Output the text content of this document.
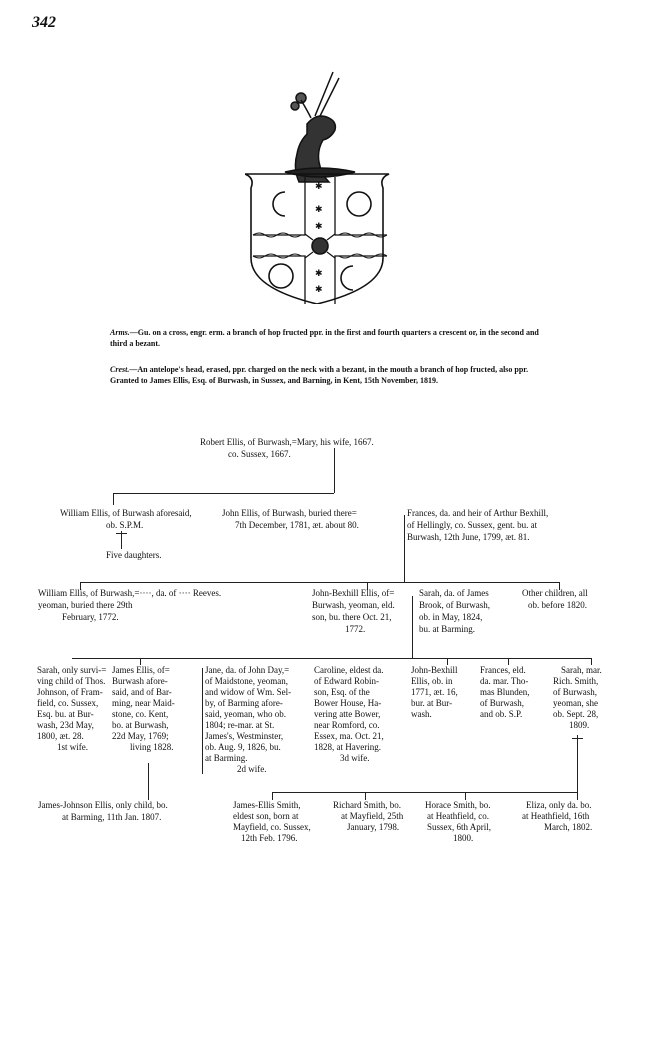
342
✱
✱
✱
✱
✱
Arms.—Gu. on a cross, engr. erm. a branch of hop fructed ppr. in the first and fourth quarters a crescent or, in the second and third a bezant.
Crest.—An antelope's head, erased, ppr. charged on the neck with a bezant, in the mouth a branch of hop fructed, also ppr. Granted to James Ellis, Esq. of Burwash, in Sussex, and Barning, in Kent, 15th November, 1819.
Robert Ellis, of Burwash,=Mary, his wife, 1667.
co. Sussex, 1667.
William Ellis, of Burwash aforesaid,
ob. S.P.M.
Five daughters.
John Ellis, of Burwash, buried there=
7th December, 1781, æt. about 80.
Frances, da. and heir of Arthur Bexhill,
of Hellingly, co. Sussex, gent. bu. at
Burwash, 12th June, 1799, æt. 81.
William Ellis, of Burwash,=····, da. of ···· Reeves.
yeoman, buried there 29th
February, 1772.
John-Bexhill Ellis, of=
Burwash, yeoman, eld.
son, bu. there Oct. 21,
1772.
Sarah, da. of James
Brook, of Burwash,
ob. in May, 1824,
bu. at Barming.
Other children, all
ob. before 1820.
Sarah, only survi-=
ving child of Thos.
Johnson, of Fram-
field, co. Sussex,
Esq. bu. at Bur-
wash, 23d May,
1800, æt. 28.
1st wife.
James Ellis, of=
Burwash afore-
said, and of Bar-
ming, near Maid-
stone, co. Kent,
bo. at Burwash,
22d May, 1769;
living 1828.
Jane, da. of John Day,=
of Maidstone, yeoman,
and widow of Wm. Sel-
by, of Barming afore-
said, yeoman, who ob.
1804; re-mar. at St.
James's, Westminster,
ob. Aug. 9, 1826, bu.
at Barming.
2d wife.
Caroline, eldest da.
of Edward Robin-
son, Esq. of the
Bower House, Ha-
vering atte Bower,
near Romford, co.
Essex, ma. Oct. 21,
1828, at Havering.
3d wife.
John-Bexhill
Ellis, ob. in
1771, æt. 16,
bur. at Bur-
wash.
Frances, eld.
da. mar. Tho-
mas Blunden,
of Burwash,
and ob. S.P.
Sarah, mar.
Rich. Smith,
of Burwash,
yeoman, she
ob. Sept. 28,
1809.
James-Johnson Ellis, only child, bo.
at Barming, 11th Jan. 1807.
James-Ellis Smith,
eldest son, born at
Mayfield, co. Sussex,
12th Feb. 1796.
Richard Smith, bo.
at Mayfield, 25th
January, 1798.
Horace Smith, bo.
at Heathfield, co.
Sussex, 6th April,
1800.
Eliza, only da. bo.
at Heathfield, 16th
March, 1802.
